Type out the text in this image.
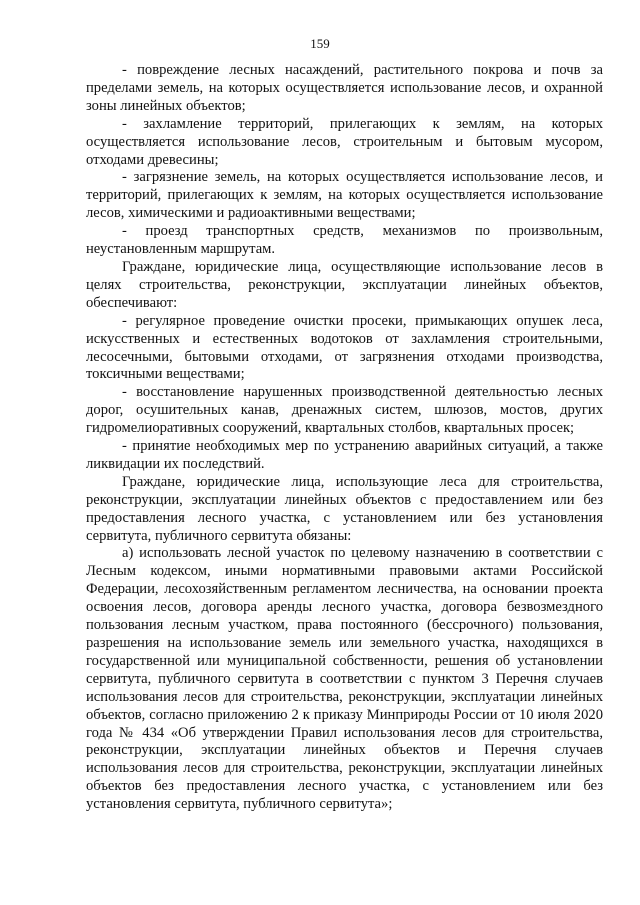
159

- повреждение лесных насаждений, растительного покрова и почв за пределами земель, на которых осуществляется использование лесов, и охранной зоны линейных объектов;

- захламление территорий, прилегающих к землям, на которых осуществляется использование лесов, строительным и бытовым мусором, отходами древесины;

- загрязнение земель, на которых осуществляется использование лесов, и территорий, прилегающих к землям, на которых осуществляется использование лесов, химическими и радиоактивными веществами;

- проезд транспортных средств, механизмов по произвольным, неустановленным маршрутам.

Граждане, юридические лица, осуществляющие использование лесов в целях строительства, реконструкции, эксплуатации линейных объектов, обеспечивают:

- регулярное проведение очистки просеки, примыкающих опушек леса, искусственных и естественных водотоков от захламления строительными, лесосечными, бытовыми отходами, от загрязнения отходами производства, токсичными веществами;

- восстановление нарушенных производственной деятельностью лесных дорог, осушительных канав, дренажных систем, шлюзов, мостов, других гидромелиоративных сооружений, квартальных столбов, квартальных просек;

- принятие необходимых мер по устранению аварийных ситуаций, а также ликвидации их последствий.

Граждане, юридические лица, использующие леса для строительства, реконструкции, эксплуатации линейных объектов с предоставлением или без предоставления лесного участка, с установлением или без установления сервитута, публичного сервитута обязаны:

а) использовать лесной участок по целевому назначению в соответствии с Лесным кодексом, иными нормативными правовыми актами Российской Федерации, лесохозяйственным регламентом лесничества, на основании проекта освоения лесов, договора аренды лесного участка, договора безвозмездного пользования лесным участком, права постоянного (бессрочного) пользования, разрешения на использование земель или земельного участка, находящихся в государственной или муниципальной собственности, решения об установлении сервитута, публичного сервитута в соответствии с пунктом 3 Перечня случаев использования лесов для строительства, реконструкции, эксплуатации линейных объектов, согласно приложению 2 к приказу Минприроды России от 10 июля 2020 года № 434 «Об утверждении Правил использования лесов для строительства, реконструкции, эксплуатации линейных объектов и Перечня случаев использования лесов для строительства, реконструкции, эксплуатации линейных объектов без предоставления лесного участка, с установлением или без установления сервитута, публичного сервитута»;
